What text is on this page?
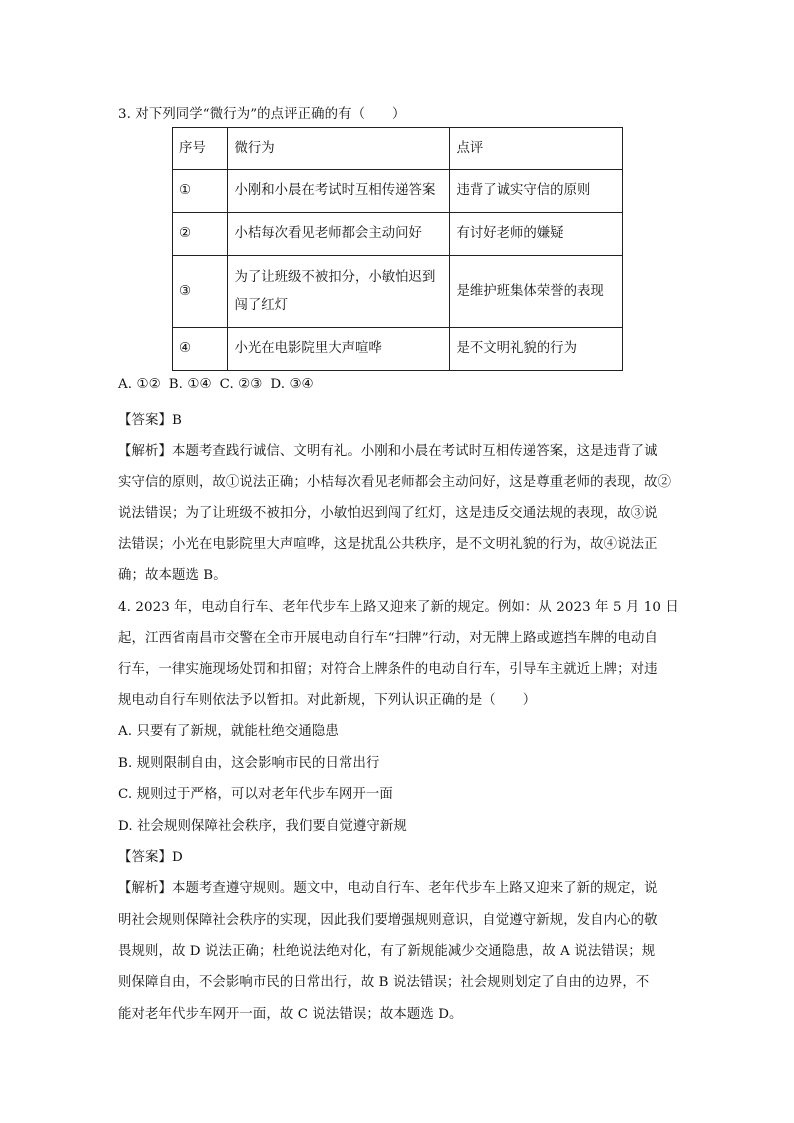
3. 对下列同学“微行为”的点评正确的有（　　）
序号	微行为	点评
①	小刚和小晨在考试时互相传递答案	违背了诚实守信的原则
②	小桔每次看见老师都会主动问好	有讨好老师的嫌疑
③	为了让班级不被扣分，小敏怕迟到闯了红灯	是维护班集体荣誉的表现
④	小光在电影院里大声喧哗	是不文明礼貌的行为
A. ①② B. ①④ C. ②③ D. ③④
【答案】B
【解析】本题考查践行诚信、文明有礼。小刚和小晨在考试时互相传递答案，这是违背了诚
实守信的原则，故①说法正确；小桔每次看见老师都会主动问好，这是尊重老师的表现，故②
说法错误；为了让班级不被扣分，小敏怕迟到闯了红灯，这是违反交通法规的表现，故③说
法错误；小光在电影院里大声喧哗，这是扰乱公共秩序，是不文明礼貌的行为，故④说法正
确；故本题选 B。
4. 2023 年，电动自行车、老年代步车上路又迎来了新的规定。例如：从 2023 年 5 月 10 日
起，江西省南昌市交警在全市开展电动自行车“扫牌”行动，对无牌上路或遮挡车牌的电动自
行车，一律实施现场处罚和扣留；对符合上牌条件的电动自行车，引导车主就近上牌；对违
规电动自行车则依法予以暂扣。对此新规，下列认识正确的是（　　）
A. 只要有了新规，就能杜绝交通隐患
B. 规则限制自由，这会影响市民的日常出行
C. 规则过于严格，可以对老年代步车网开一面
D. 社会规则保障社会秩序，我们要自觉遵守新规
【答案】D
【解析】本题考查遵守规则。题文中，电动自行车、老年代步车上路又迎来了新的规定，说
明社会规则保障社会秩序的实现，因此我们要增强规则意识，自觉遵守新规，发自内心的敬
畏规则，故 D 说法正确；杜绝说法绝对化，有了新规能减少交通隐患，故 A 说法错误；规
则保障自由，不会影响市民的日常出行，故 B 说法错误；社会规则划定了自由的边界，不
能对老年代步车网开一面，故 C 说法错误；故本题选 D。
